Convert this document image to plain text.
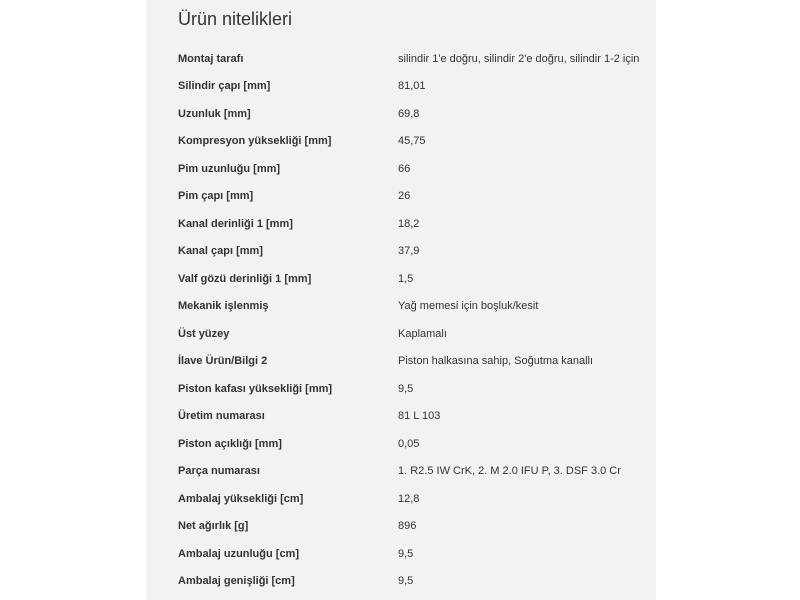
Ürün nitelikleri
Montaj tarafı	silindir 1'e doğru, silindir 2'e doğru, silindir 1-2 için
Silindir çapı [mm]	81,01
Uzunluk [mm]	69,8
Kompresyon yüksekliği [mm]	45,75
Pim uzunluğu [mm]	66
Pim çapı [mm]	26
Kanal derinliği 1 [mm]	18,2
Kanal çapı [mm]	37,9
Valf gözü derinliği 1 [mm]	1,5
Mekanik işlenmiş	Yağ memesi için boşluk/kesit
Üst yüzey	Kaplamalı
İlave Ürün/Bilgi 2	Piston halkasına sahip, Soğutma kanallı
Piston kafası yüksekliği [mm]	9,5
Üretim numarası	81 L 103
Piston açıklığı [mm]	0,05
Parça numarası	1. R2.5 IW CrK, 2. M 2.0 IFU P, 3. DSF 3.0 Cr
Ambalaj yüksekliği [cm]	12,8
Net ağırlık [g]	896
Ambalaj uzunluğu [cm]	9,5
Ambalaj genişliği [cm]	9,5
